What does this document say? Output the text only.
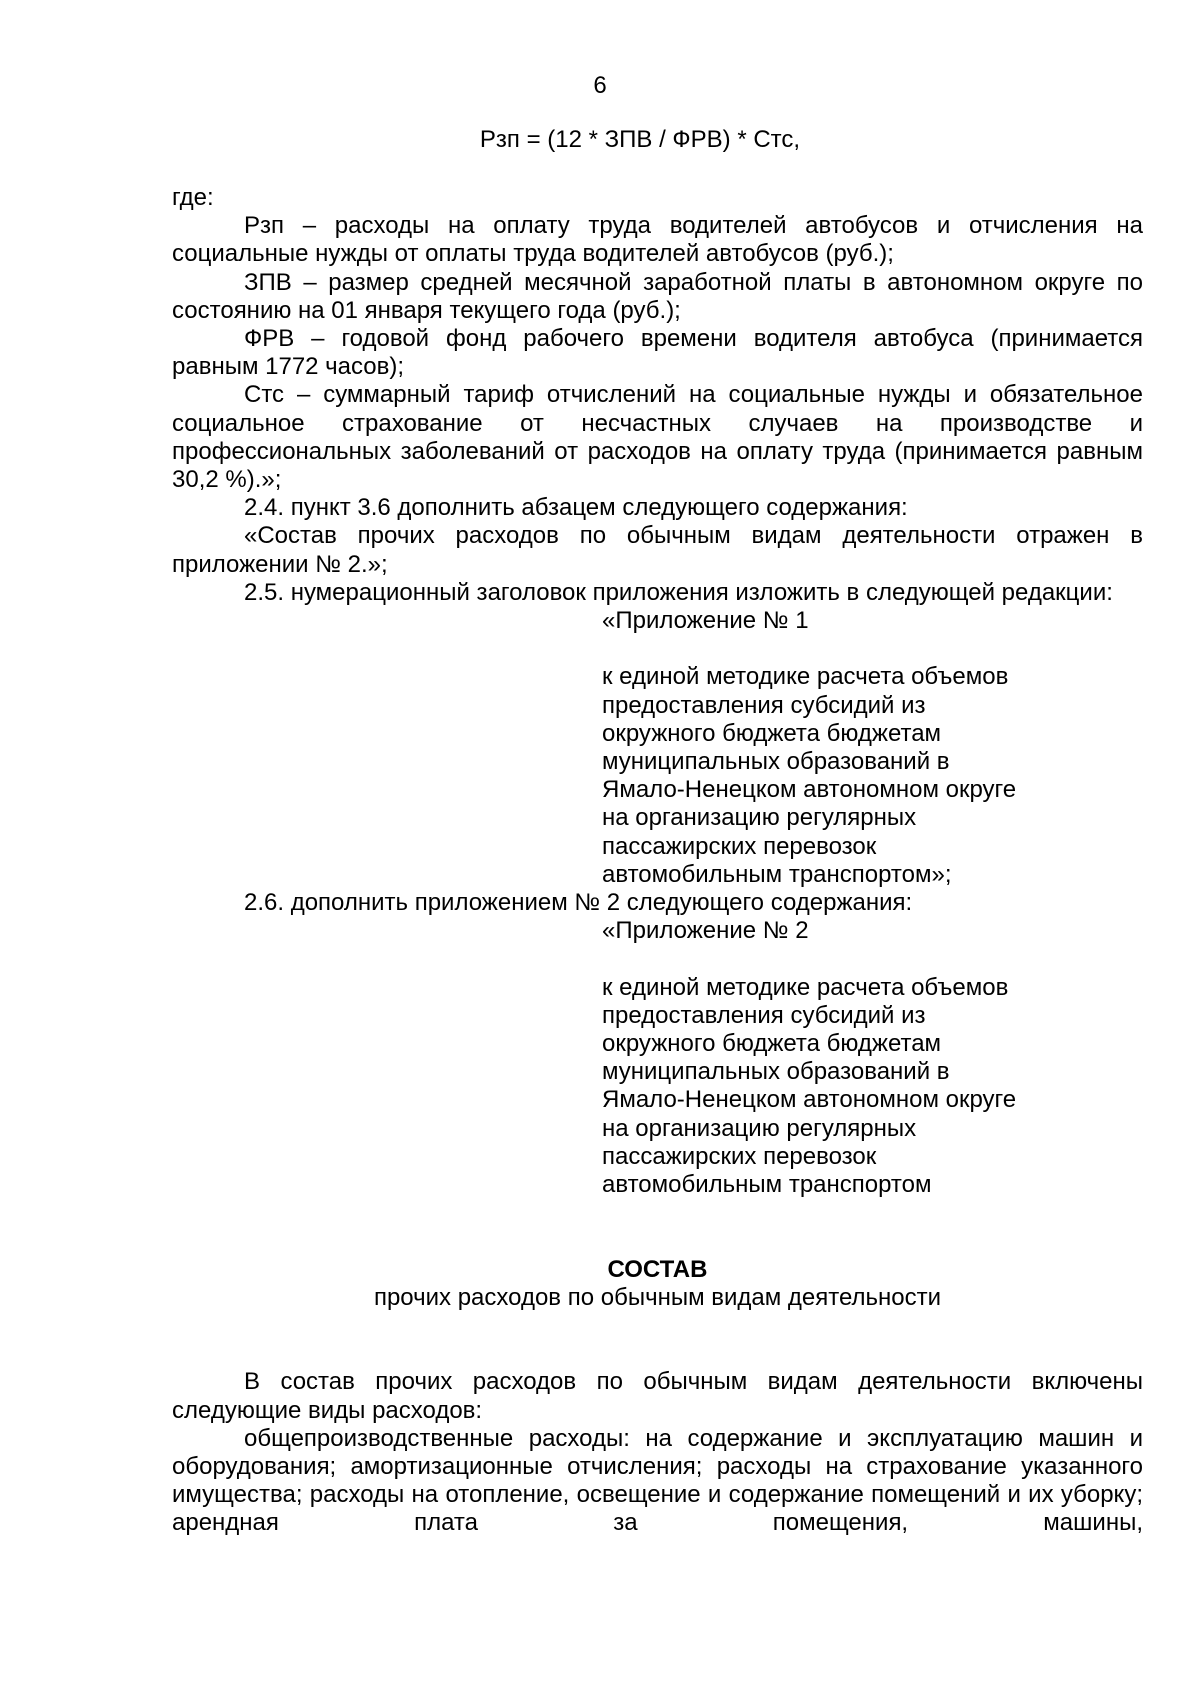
6
Рзп = (12 * ЗПВ / ФРВ) * Стс,

где:

Рзп – расходы на оплату труда водителей автобусов и отчисления на социальные нужды от оплаты труда водителей автобусов (руб.);

ЗПВ – размер средней месячной заработной платы в автономном округе по состоянию на 01 января текущего года (руб.);

ФРВ – годовой фонд рабочего времени водителя автобуса (принимается равным 1772 часов);

Стс – суммарный тариф отчислений на социальные нужды и обязательное социальное страхование от несчастных случаев на производстве и профессиональных заболеваний от расходов на оплату труда (принимается равным 30,2 %).»;

2.4. пункт 3.6 дополнить абзацем следующего содержания:

«Состав прочих расходов по обычным видам деятельности отражен в приложении № 2.»;

2.5. нумерационный заголовок приложения изложить в следующей редакции:

«Приложение № 1
к единой методике расчета объемов
предоставления субсидий из
окружного бюджета бюджетам
муниципальных образований в
Ямало-Ненецком автономном округе
на организацию регулярных
пассажирских перевозок
автомобильным транспортом»;

2.6. дополнить приложением № 2 следующего содержания:

«Приложение № 2
к единой методике расчета объемов
предоставления субсидий из
окружного бюджета бюджетам
муниципальных образований в
Ямало-Ненецком автономном округе
на организацию регулярных
пассажирских перевозок
автомобильным транспортом

СОСТАВ

прочих расходов по обычным видам деятельности

В состав прочих расходов по обычным видам деятельности включены следующие виды расходов:

общепроизводственные расходы: на содержание и эксплуатацию машин и оборудования; амортизационные отчисления; расходы на страхование указанного имущества; расходы на отопление, освещение и содержание помещений и их уборку; арендная плата за помещения, машины,
